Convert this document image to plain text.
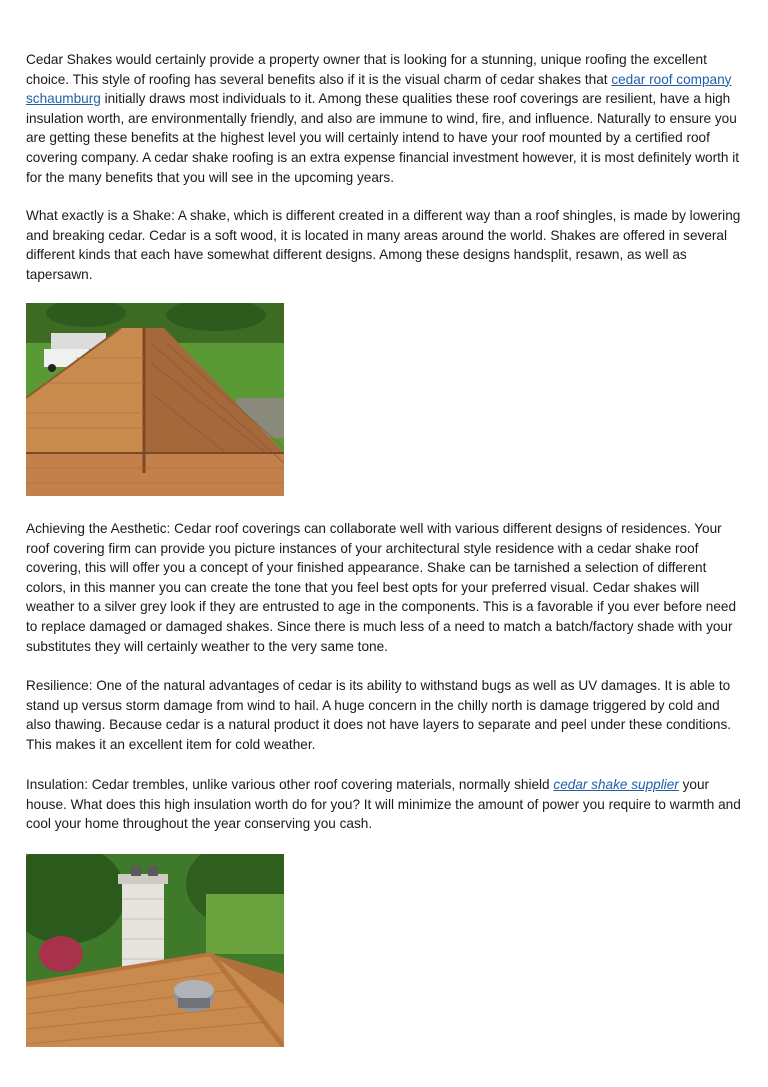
Cedar Shakes would certainly provide a property owner that is looking for a stunning, unique roofing the excellent choice. This style of roofing has several benefits also if it is the visual charm of cedar shakes that cedar roof company schaumburg initially draws most individuals to it. Among these qualities these roof coverings are resilient, have a high insulation worth, are environmentally friendly, and also are immune to wind, fire, and influence. Naturally to ensure you are getting these benefits at the highest level you will certainly intend to have your roof mounted by a certified roof covering company. A cedar shake roofing is an extra expense financial investment however, it is most definitely worth it for the many benefits that you will see in the upcoming years.

What exactly is a Shake: A shake, which is different created in a different way than a roof shingles, is made by lowering and breaking cedar. Cedar is a soft wood, it is located in many areas around the world. Shakes are offered in several different kinds that each have somewhat different designs. Among these designs handsplit, resawn, as well as tapersawn.

Achieving the Aesthetic: Cedar roof coverings can collaborate well with various different designs of residences. Your roof covering firm can provide you picture instances of your architectural style residence with a cedar shake roof covering, this will offer you a concept of your finished appearance. Shake can be tarnished a selection of different colors, in this manner you can create the tone that you feel best opts for your preferred visual. Cedar shakes will weather to a silver grey look if they are entrusted to age in the components. This is a favorable if you ever before need to replace damaged or damaged shakes. Since there is much less of a need to match a batch/factory shade with your substitutes they will certainly weather to the very same tone.

Resilience: One of the natural advantages of cedar is its ability to withstand bugs as well as UV damages. It is able to stand up versus storm damage from wind to hail. A huge concern in the chilly north is damage triggered by cold and also thawing. Because cedar is a natural product it does not have layers to separate and peel under these conditions. This makes it an excellent item for cold weather.

Insulation: Cedar trembles, unlike various other roof covering materials, normally shield cedar shake supplier your house. What does this high insulation worth do for you? It will minimize the amount of power you require to warmth and cool your home throughout the year conserving you cash.
